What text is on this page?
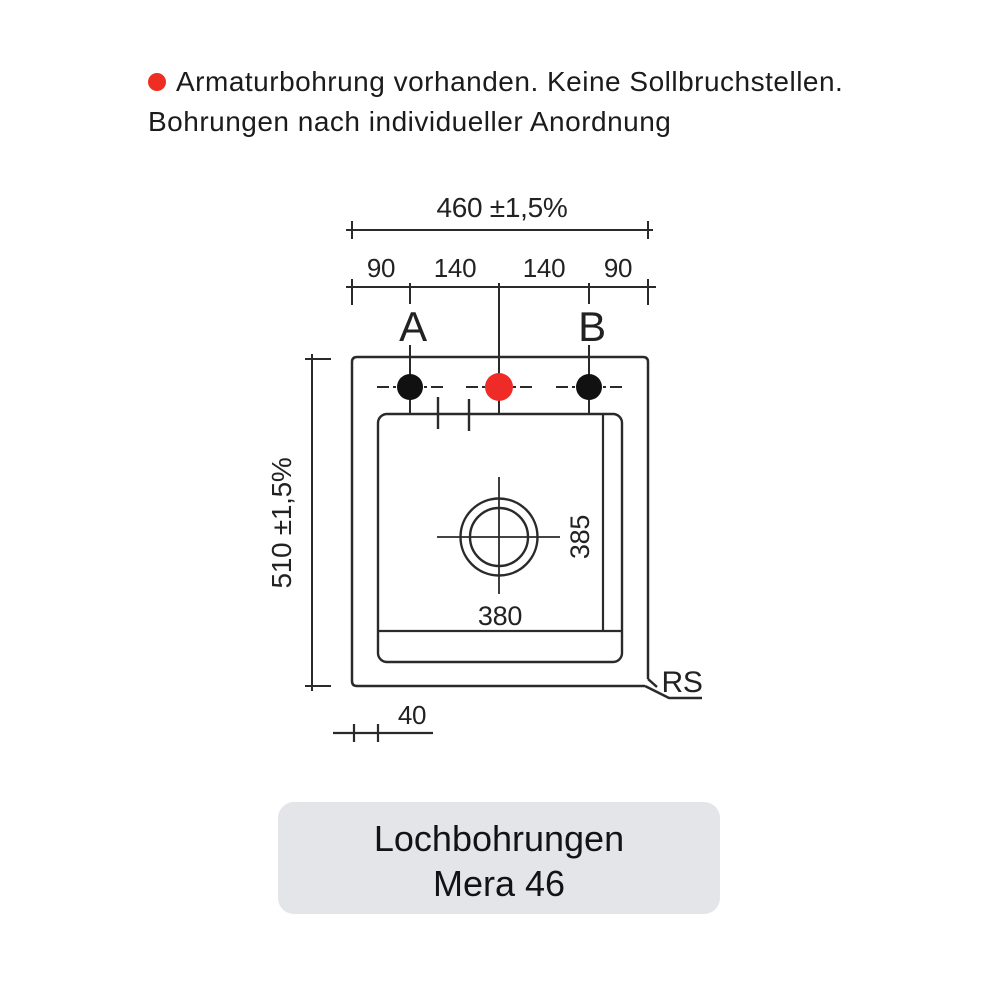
Armaturbohrung vorhanden. Keine Sollbruchstellen.
Bohrungen nach individueller Anordnung
460 ±1,5%
90 140 140 90
A	B
510 ±1,5%
380
385
RS
40
Lochbohrungen
Mera 46
